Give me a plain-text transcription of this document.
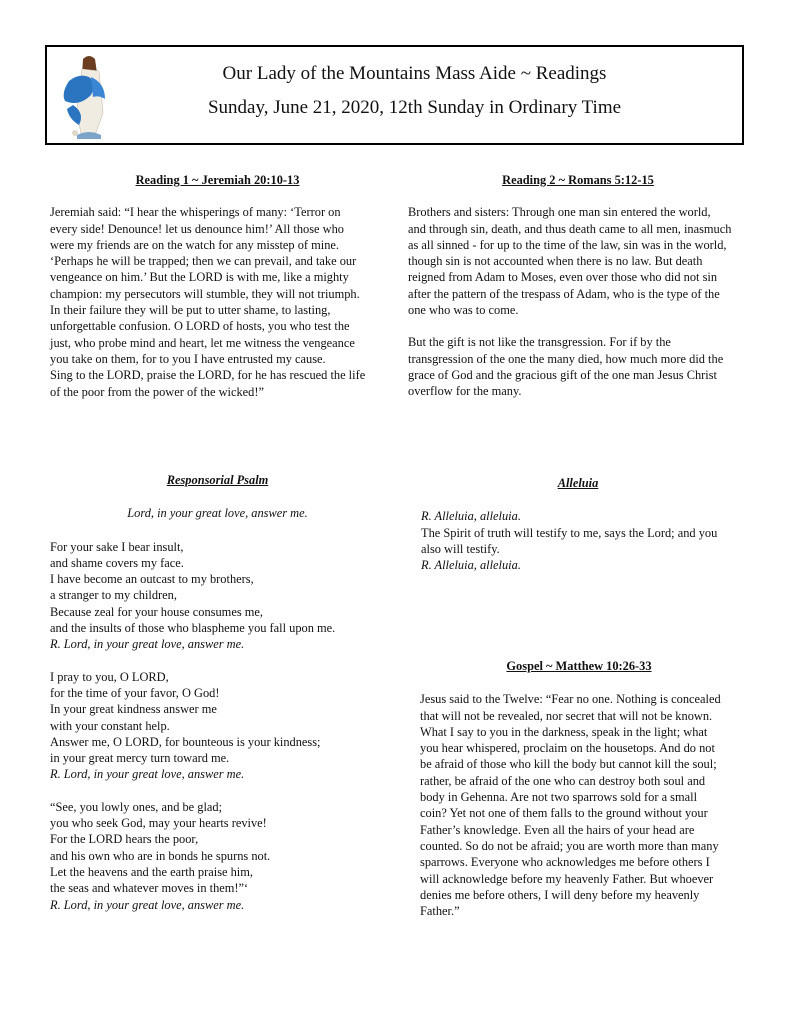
Our Lady of the Mountains Mass Aide ~ Readings
Sunday, June 21, 2020, 12th Sunday in Ordinary Time

Reading 1 ~ Jeremiah 20:10-13

Jeremiah said: “I hear the whisperings of many: ‘Terror on

every side! Denounce! let us denounce him!’ All those who

were my friends are on the watch for any misstep of mine.

‘Perhaps he will be trapped; then we can prevail, and take our

vengeance on him.’ But the LORD is with me, like a mighty

champion: my persecutors will stumble, they will not triumph.

In their failure they will be put to utter shame, to lasting,

unforgettable confusion. O LORD of hosts, you who test the

just, who probe mind and heart, let me witness the vengeance

you take on them, for to you I have entrusted my cause.

Sing to the LORD, praise the LORD, for he has rescued the life

of the poor from the power of the wicked!”

Reading 2 ~ Romans 5:12-15

Brothers and sisters: Through one man sin entered the world,

and through sin, death, and thus death came to all men, inasmuch

as all sinned - for up to the time of the law, sin was in the world,

though sin is not accounted when there is no law. But death

reigned from Adam to Moses, even over those who did not sin

after the pattern of the trespass of Adam, who is the type of the

one who was to come.

But the gift is not like the transgression. For if by the

transgression of the one the many died, how much more did the

grace of God and the gracious gift of the one man Jesus Christ

overflow for the many.

Responsorial Psalm

Lord, in your great love, answer me.

For your sake I bear insult,

and shame covers my face.

I have become an outcast to my brothers,

a stranger to my children,

Because zeal for your house consumes me,

and the insults of those who blaspheme you fall upon me.

R. Lord, in your great love, answer me.

I pray to you, O LORD,

for the time of your favor, O God!

In your great kindness answer me

with your constant help.

Answer me, O LORD, for bounteous is your kindness;

in your great mercy turn toward me.

R. Lord, in your great love, answer me.

“See, you lowly ones, and be glad;

you who seek God, may your hearts revive!

For the LORD hears the poor,

and his own who are in bonds he spurns not.

Let the heavens and the earth praise him,

the seas and whatever moves in them!”‘

R. Lord, in your great love, answer me.

Alleluia

R. Alleluia, alleluia.

The Spirit of truth will testify to me, says the Lord; and you

also will testify.

R. Alleluia, alleluia.

Gospel ~ Matthew 10:26-33

Jesus said to the Twelve: “Fear no one. Nothing is concealed

that will not be revealed, nor secret that will not be known.

What I say to you in the darkness, speak in the light; what

you hear whispered, proclaim on the housetops. And do not

be afraid of those who kill the body but cannot kill the soul;

rather, be afraid of the one who can destroy both soul and

body in Gehenna. Are not two sparrows sold for a small

coin? Yet not one of them falls to the ground without your

Father’s knowledge. Even all the hairs of your head are

counted. So do not be afraid; you are worth more than many

sparrows. Everyone who acknowledges me before others I

will acknowledge before my heavenly Father. But whoever

denies me before others, I will deny before my heavenly

Father.”
